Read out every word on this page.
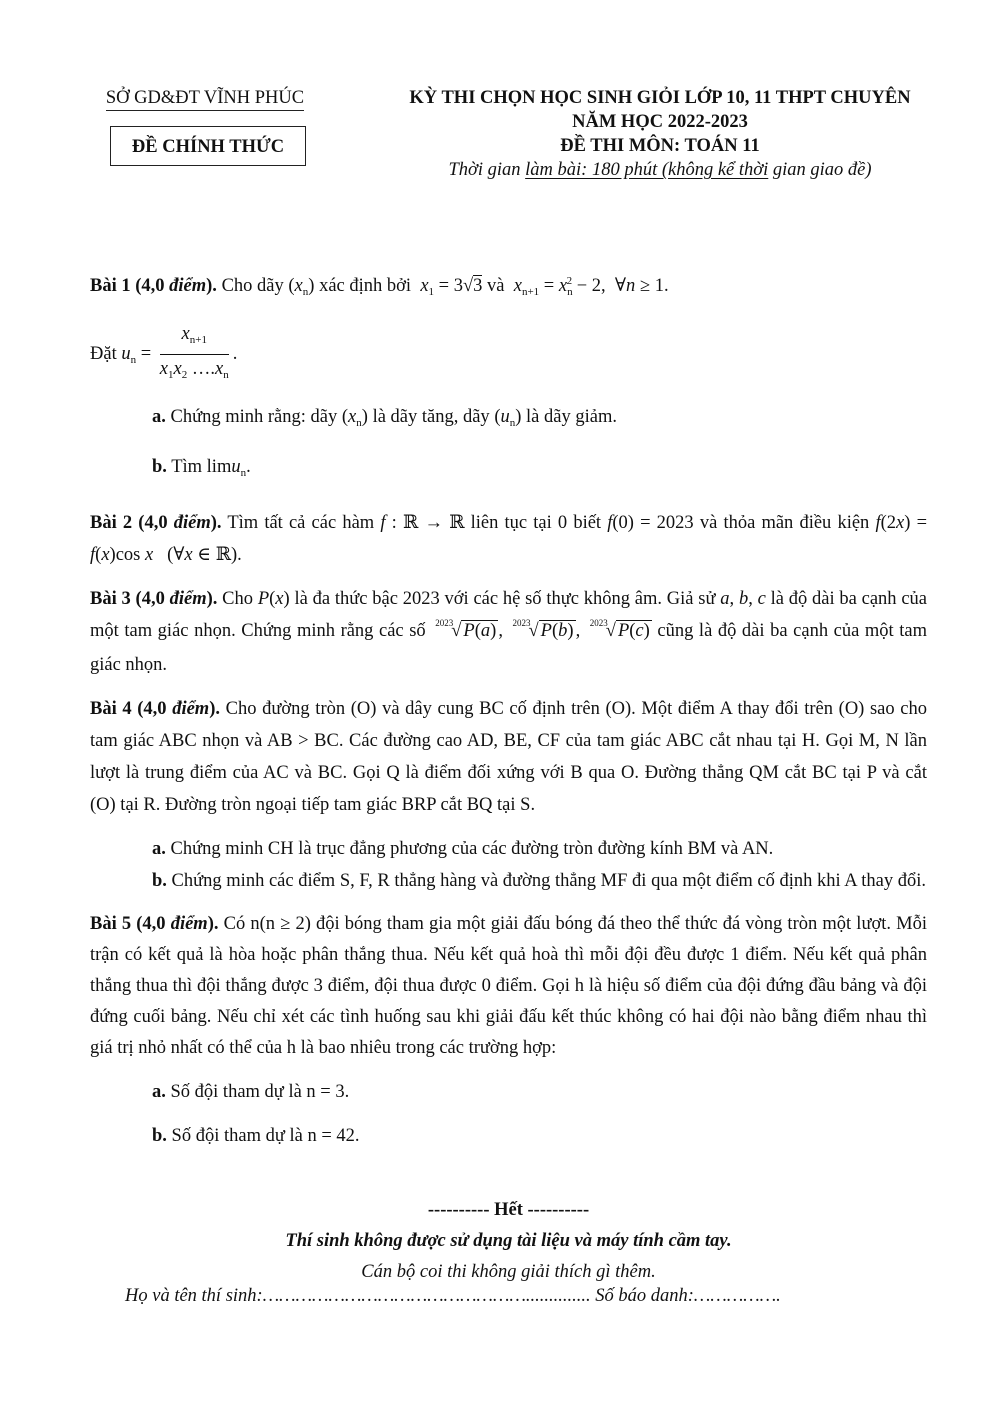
SỞ GD&ĐT VĨNH PHÚC
ĐỀ CHÍNH THỨC
KỲ THI CHỌN HỌC SINH GIỎI LỚP 10, 11 THPT CHUYÊN
NĂM HỌC 2022-2023
ĐỀ THI MÔN: TOÁN 11
Thời gian làm bài: 180 phút (không kể thời gian giao đề)

Bài 1 (4,0 điểm). Cho dãy $(x_n)$ xác định bởi  $x_1 = 3√3$ và  $x_{n+1} = x_n^2 - 2$,  ∀n ≥ 1.

Đặt $u_n = \frac{x_{n+1}}{x_1x_2 \dots.x_n}$ .

a. Chứng minh rằng: dãy $(x_n)$ là dãy tăng, dãy $(u_n)$ là dãy giảm.

b. Tìm limu$_n$.

Bài 2 (4,0 điểm). Tìm tất cả các hàm f : ℝ → ℝ liên tục tại 0 biết f(0) = 2023 và thỏa mãn điều kiện f(2x) = f(x)cos x   (∀x ∈ ℝ).

Bài 3 (4,0 điểm). Cho P(x) là đa thức bậc 2023 với các hệ số thực không âm. Giả sử a, b, c là độ dài ba cạnh của một tam giác nhọn. Chứng minh rằng các số $^{2023}$√ P(a) , $^{2023}$√ P(b) , $^{2023}$√ P(c) cũng là độ dài ba cạnh của một tam giác nhọn.

Bài 4 (4,0 điểm). Cho đường tròn (O) và dây cung BC cố định trên (O). Một điểm A thay đổi trên (O) sao cho tam giác ABC nhọn và AB > BC. Các đường cao AD, BE, CF của tam giác ABC cắt nhau tại H. Gọi M, N lần lượt là trung điểm của AC và BC. Gọi Q là điểm đối xứng với B qua O. Đường thẳng QM cắt BC tại P và cắt (O) tại R. Đường tròn ngoại tiếp tam giác BRP cắt BQ tại S.

a. Chứng minh CH là trục đẳng phương của các đường tròn đường kính BM và AN.

b. Chứng minh các điểm S, F, R thẳng hàng và đường thẳng MF đi qua một điểm cố định khi A thay đổi.

Bài 5 (4,0 điểm). Có n(n ≥ 2) đội bóng tham gia một giải đấu bóng đá theo thể thức đá vòng tròn một lượt. Mỗi trận có kết quả là hòa hoặc phân thắng thua. Nếu kết quả hoà thì mỗi đội đều được 1 điểm. Nếu kết quả phân thắng thua thì đội thắng được 3 điểm, đội thua được 0 điểm. Gọi h là hiệu số điểm của đội đứng đầu bảng và đội đứng cuối bảng. Nếu chỉ xét các tình huống sau khi giải đấu kết thúc không có hai đội nào bằng điểm nhau thì giá trị nhỏ nhất có thể của h là bao nhiêu trong các trường hợp:

a. Số đội tham dự là n = 3.

b. Số đội tham dự là n = 42.

---------- Hết ----------
Thí sinh không được sử dụng tài liệu và máy tính cầm tay.
Cán bộ coi thi không giải thích gì thêm.
Họ và tên thí sinh:………………………………………….............. Số báo danh:…………….
